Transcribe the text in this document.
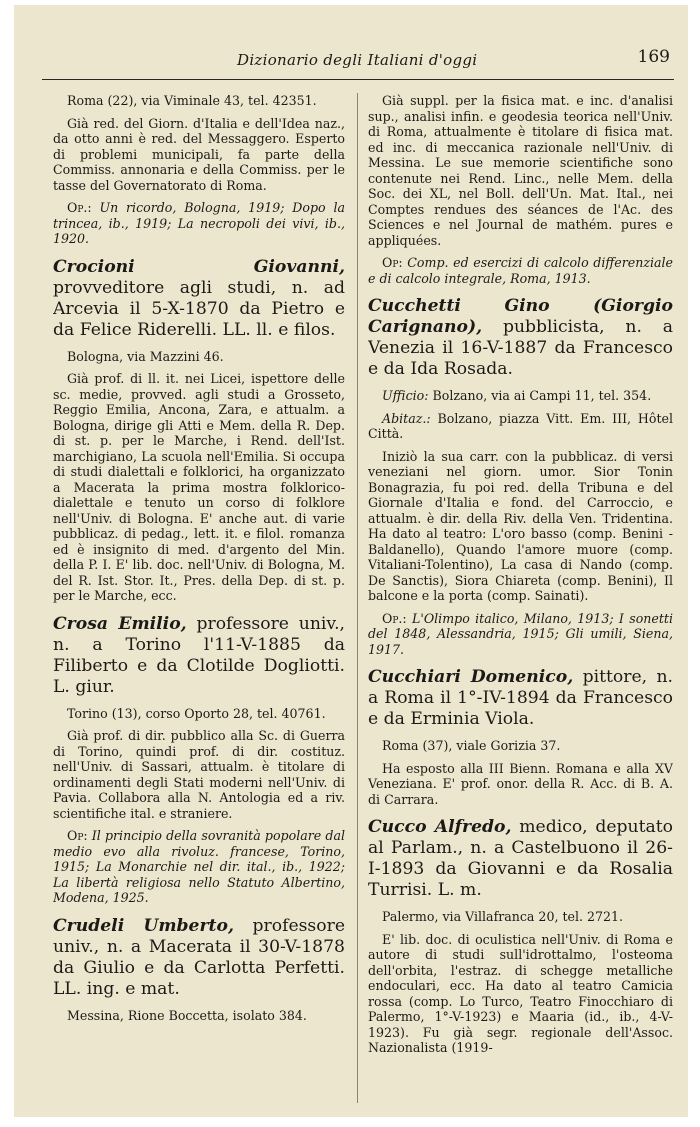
Dizionario degli Italiani d'oggi	169

Roma (22), via Viminale 43, tel. 42351.

Già red. del Giorn. d'Italia e dell'Idea naz., da otto anni è red. del Messaggero. Esperto di problemi municipali, fa parte della Commiss. annonaria e della Commiss. per le tasse del Governatorato di Roma.

Op.: Un ricordo, Bologna, 1919; Dopo la trincea, ib., 1919; La necropoli dei vivi, ib., 1920.

Crocioni Giovanni, provveditore agli studi, n. ad Arcevia il 5-X-1870 da Pietro e da Felice Riderelli. LL. ll. e filos.

Bologna, via Mazzini 46.

Già prof. di ll. it. nei Licei, ispettore delle sc. medie, provved. agli studi a Grosseto, Reggio Emilia, Ancona, Zara, e attualm. a Bologna, dirige gli Atti e Mem. della R. Dep. di st. p. per le Marche, i Rend. dell'Ist. marchigiano, La scuola nell'Emilia. Si occupa di studi dialettali e folklorici, ha organizzato a Macerata la prima mostra folklorico-dialettale e tenuto un corso di folklore nell'Univ. di Bologna. E' anche aut. di varie pubblicaz. di pedag., lett. it. e filol. romanza ed è insignito di med. d'argento del Min. della P. I. E' lib. doc. nell'Univ. di Bologna, M. del R. Ist. Stor. It., Pres. della Dep. di st. p. per le Marche, ecc.

Crosa Emilio, professore univ., n. a Torino l'11-V-1885 da Filiberto e da Clotilde Dogliotti. L. giur.

Torino (13), corso Oporto 28, tel. 40761.

Già prof. di dir. pubblico alla Sc. di Guerra di Torino, quindi prof. di dir. costituz. nell'Univ. di Sassari, attualm. è titolare di ordinamenti degli Stati moderni nell'Univ. di Pavia. Collabora alla N. Antologia ed a riv. scientifiche ital. e straniere.

Op: Il principio della sovranità popolare dal medio evo alla rivoluz. francese, Torino, 1915; La Monarchie nel dir. ital., ib., 1922; La libertà religiosa nello Statuto Albertino, Modena, 1925.

Crudeli Umberto, professore univ., n. a Macerata il 30-V-1878 da Giulio e da Carlotta Perfetti. LL. ing. e mat.

Messina, Rione Boccetta, isolato 384.

Già suppl. per la fisica mat. e inc. d'analisi sup., analisi infin. e geodesia teorica nell'Univ. di Roma, attualmente è titolare di fisica mat. ed inc. di meccanica razionale nell'Univ. di Messina. Le sue memorie scientifiche sono contenute nei Rend. Linc., nelle Mem. della Soc. dei XL, nel Boll. dell'Un. Mat. Ital., nei Comptes rendues des séances de l'Ac. des Sciences e nel Journal de mathém. pures e appliquées.

Op: Comp. ed esercizi di calcolo differenziale e di calcolo integrale, Roma, 1913.

Cucchetti Gino (Giorgio Carignano), pubblicista, n. a Venezia il 16-V-1887 da Francesco e da Ida Rosada.

Ufficio: Bolzano, via ai Campi 11, tel. 354.

Abitaz.: Bolzano, piazza Vitt. Em. III, Hôtel Città.

Iniziò la sua carr. con la pubblicaz. di versi veneziani nel giorn. umor. Sior Tonin Bonagrazia, fu poi red. della Tribuna e del Giornale d'Italia e fond. del Carroccio, e attualm. è dir. della Riv. della Ven. Tridentina. Ha dato al teatro: L'oro basso (comp. Benini - Baldanello), Quando l'amore muore (comp. Vitaliani-Tolentino), La casa di Nando (comp. De Sanctis), Siora Chiareta (comp. Benini), Il balcone e la porta (comp. Sainati).

Op.: L'Olimpo italico, Milano, 1913; I sonetti del 1848, Alessandria, 1915; Gli umili, Siena, 1917.

Cucchiari Domenico, pittore, n. a Roma il 1°-IV-1894 da Francesco e da Erminia Viola.

Roma (37), viale Gorizia 37.

Ha esposto alla III Bienn. Romana e alla XV Veneziana. E' prof. onor. della R. Acc. di B. A. di Carrara.

Cucco Alfredo, medico, deputato al Parlam., n. a Castelbuono il 26-I-1893 da Giovanni e da Rosalia Turrisi. L. m.

Palermo, via Villafranca 20, tel. 2721.

E' lib. doc. di oculistica nell'Univ. di Roma e autore di studi sull'idrottalmo, l'osteoma dell'orbita, l'estraz. di schegge metalliche endoculari, ecc. Ha dato al teatro Camicia rossa (comp. Lo Turco, Teatro Finocchiaro di Palermo, 1°-V-1923) e Maaria (id., ib., 4-V-1923). Fu già segr. regionale dell'Assoc. Nazionalista (1919-
